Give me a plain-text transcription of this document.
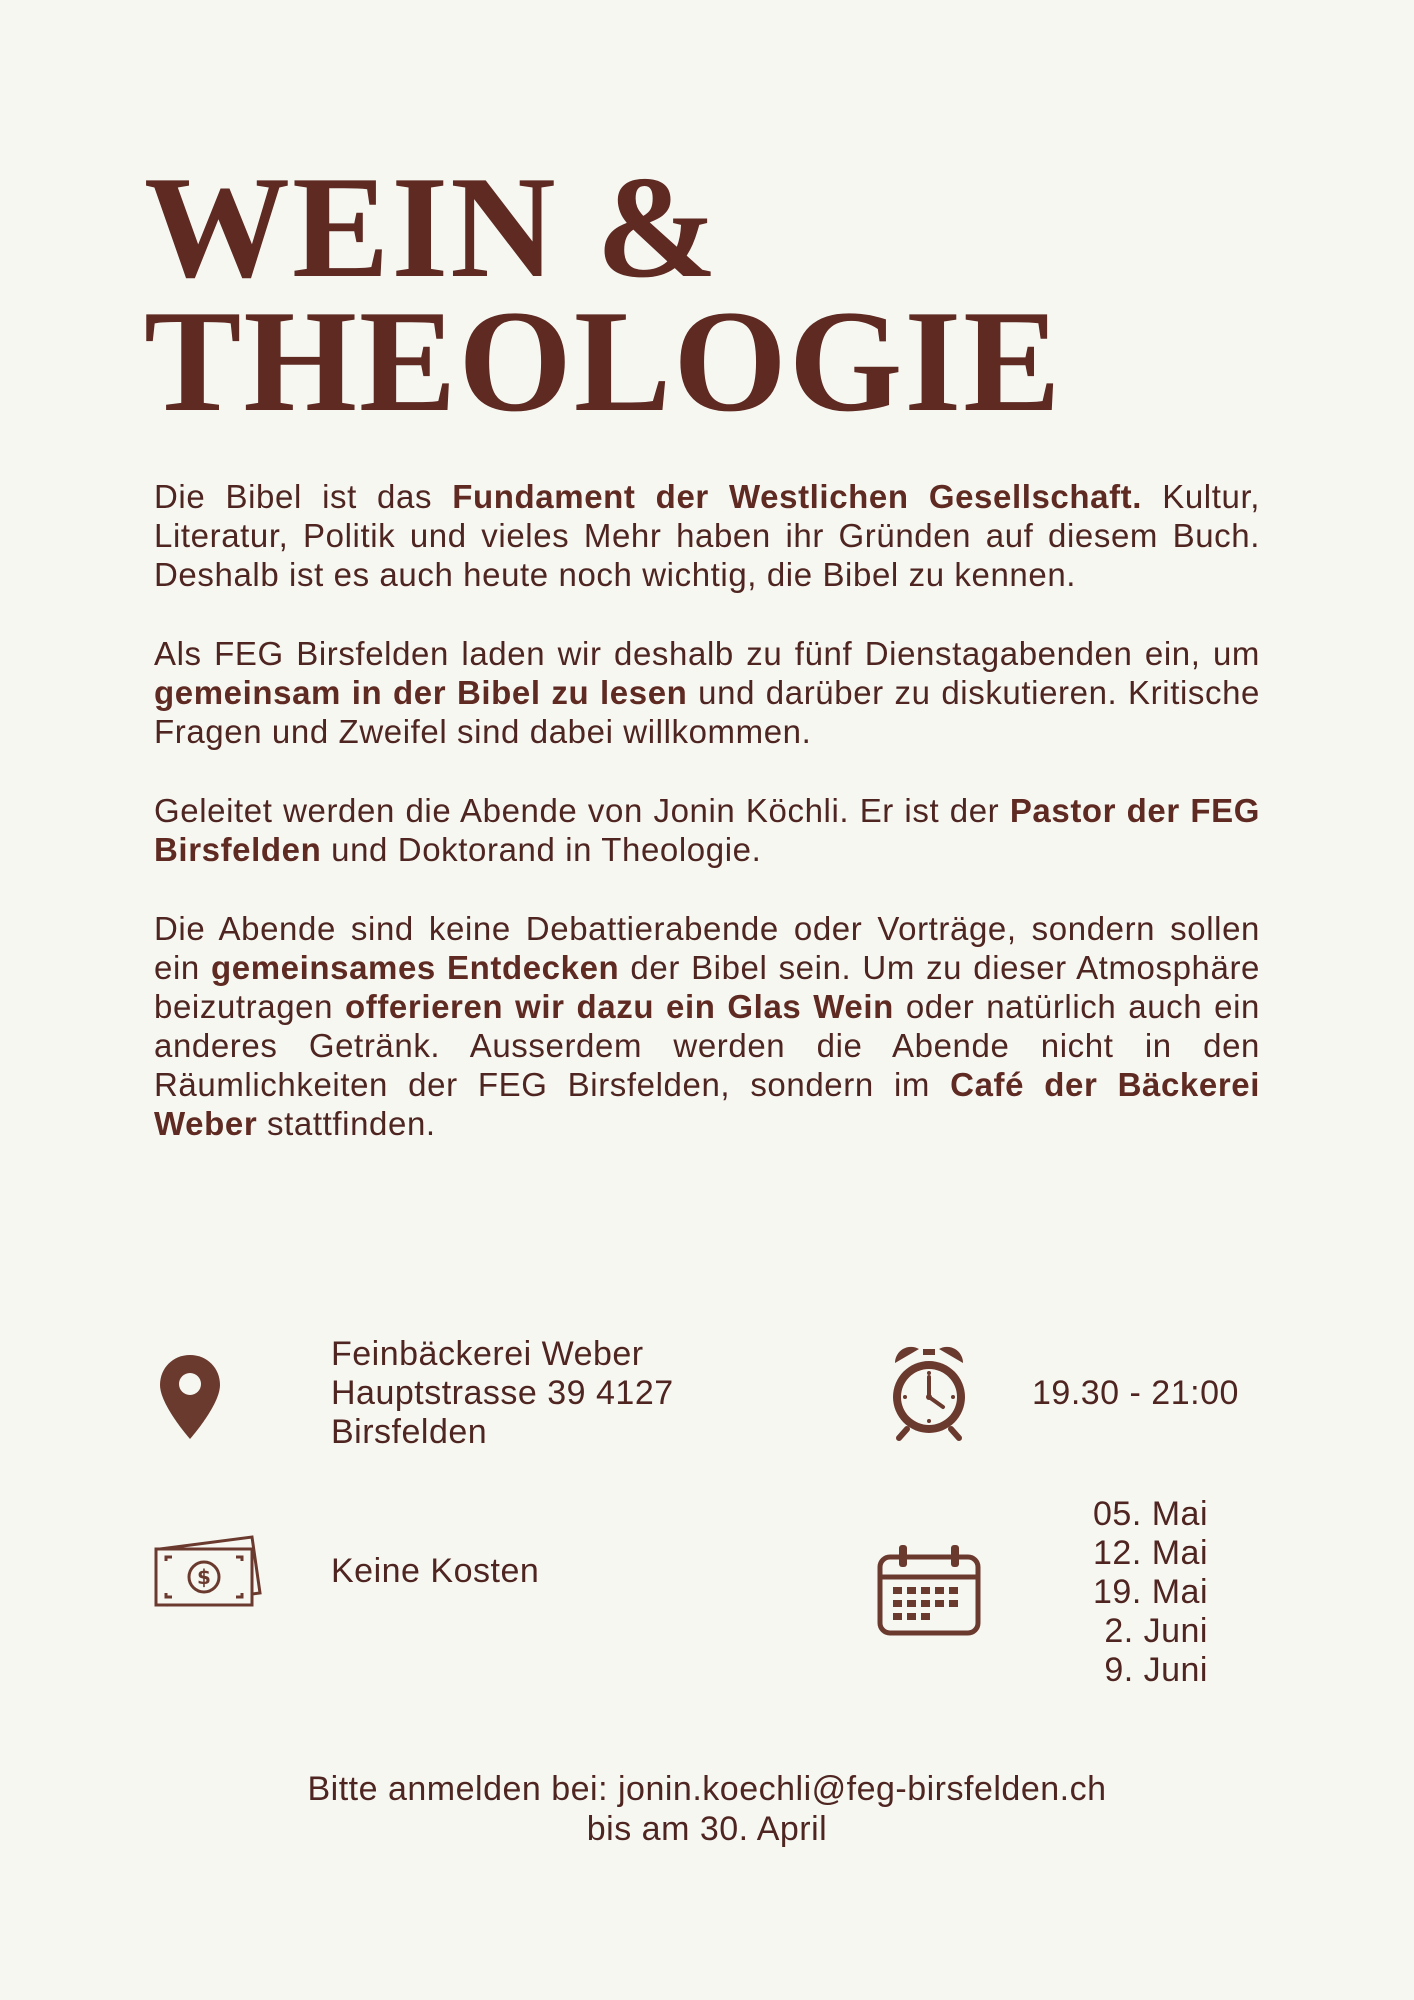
WEIN &
THEOLOGIE

Die Bibel ist das Fundament der Westlichen Gesellschaft. Kultur, Literatur, Politik und vieles Mehr haben ihr Gründen auf diesem Buch. Deshalb ist es auch heute noch wichtig, die Bibel zu kennen.

Als FEG Birsfelden laden wir deshalb zu fünf Dienstagabenden ein, um gemeinsam in der Bibel zu lesen und darüber zu diskutieren. Kritische Fragen und Zweifel sind dabei willkommen.

Geleitet werden die Abende von Jonin Köchli. Er ist der Pastor der FEG Birsfelden und Doktorand in Theologie.

Die Abende sind keine Debattierabende oder Vorträge, sondern sollen ein gemeinsames Entdecken der Bibel sein. Um zu dieser Atmosphäre beizutragen offerieren wir dazu ein Glas Wein oder natürlich auch ein anderes Getränk. Ausserdem werden die Abende nicht in den Räumlichkeiten der FEG Birsfelden, sondern im Café der Bäckerei Weber stattfinden.

Feinbäckerei Weber
Hauptstrasse 39 4127
Birsfelden
19.30 - 21:00
$	Keine Kosten
05. Mai
12. Mai
19. Mai
2. Juni
9. Juni
Bitte anmelden bei: jonin.koechli@feg-birsfelden.ch
bis am 30. April
